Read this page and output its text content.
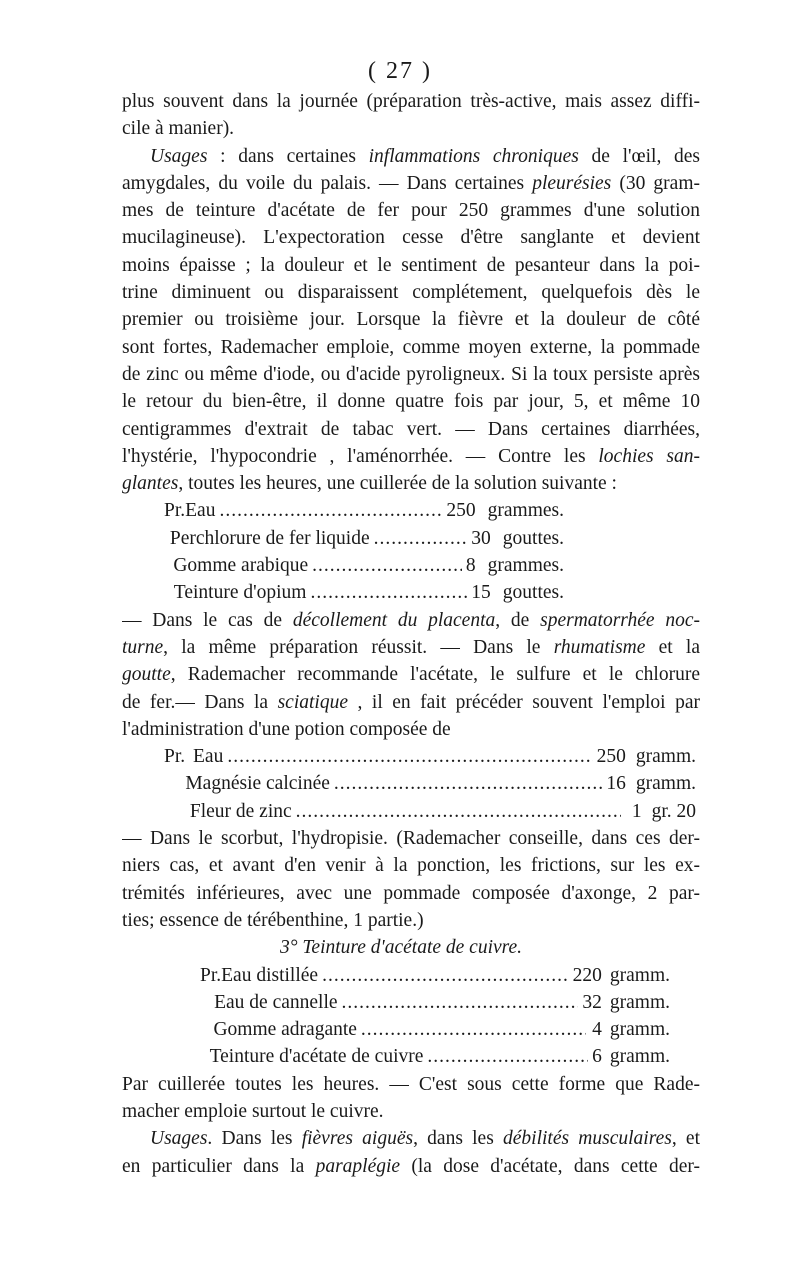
( 27 )
plus souvent dans la journée (préparation très-active, mais assez diffi-
cile à manier).
Usages : dans certaines inflammations chroniques de l'œil, des
amygdales, du voile du palais. — Dans certaines pleurésies (30 gram-
mes de teinture d'acétate de fer pour 250 grammes d'une solution
mucilagineuse). L'expectoration cesse d'être sanglante et devient
moins épaisse ; la douleur et le sentiment de pesanteur dans la poi-
trine diminuent ou disparaissent complétement, quelquefois dès le
premier ou troisième jour. Lorsque la fièvre et la douleur de côté
sont fortes, Rademacher emploie, comme moyen externe, la pommade
de zinc ou même d'iode, ou d'acide pyroligneux. Si la toux persiste après
le retour du bien-être, il donne quatre fois par jour, 5, et même 10
centigrammes d'extrait de tabac vert. — Dans certaines diarrhées,
l'hystérie, l'hypocondrie , l'aménorrhée. — Contre les lochies san-
glantes, toutes les heures, une cuillerée de la solution suivante :
Pr. Eau .....	250 grammes.
Perchlorure de fer liquide .....	30 gouttes.
Gomme arabique .....	8 grammes.
Teinture d'opium .....	15 gouttes.
— Dans le cas de décollement du placenta, de spermatorrhée noc-
turne, la même préparation réussit. — Dans le rhumatisme et la
goutte, Rademacher recommande l'acétate, le sulfure et le chlorure
de fer.— Dans la sciatique , il en fait précéder souvent l'emploi par
l'administration d'une potion composée de
Pr. Eau .....	250 gramm.
Magnésie calcinée .....	16 gramm.
Fleur de zinc .....	1 gr. 20
— Dans le scorbut, l'hydropisie. (Rademacher conseille, dans ces der-
niers cas, et avant d'en venir à la ponction, les frictions, sur les ex-
trémités inférieures, avec une pommade composée d'axonge, 2 par-
ties; essence de térébenthine, 1 partie.)
3° Teinture d'acétate de cuivre.
Pr. Eau distillée .....	220 gramm.
Eau de cannelle .....	32 gramm.
Gomme adragante .....	4 gramm.
Teinture d'acétate de cuivre .....	6 gramm.
Par cuillerée toutes les heures. — C'est sous cette forme que Rade-
macher emploie surtout le cuivre.
Usages. Dans les fièvres aiguës, dans les débilités musculaires, et
en particulier dans la paraplégie (la dose d'acétate, dans cette der-
